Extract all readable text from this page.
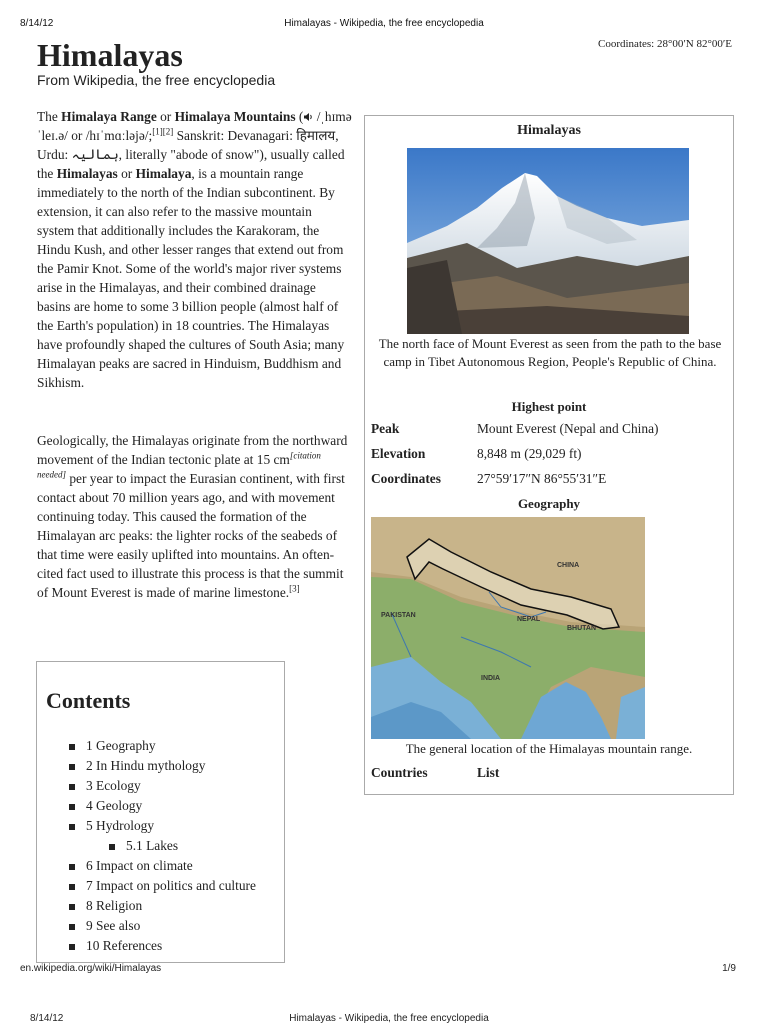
8/14/12	Himalayas - Wikipedia, the free encyclopedia
Coordinates: 28°00′N 82°00′E
Himalayas
From Wikipedia, the free encyclopedia

The Himalaya Range or Himalaya Mountains ( /ˌhɪməˈleɪ.ə/ or /hɪˈmɑːləjə/;[1][2] Sanskrit: Devanagari: हिमालय, Urdu: ہمالیہ, literally "abode of snow"), usually called the Himalayas or Himalaya, is a mountain range immediately to the north of the Indian subcontinent. By extension, it can also refer to the massive mountain system that additionally includes the Karakoram, the Hindu Kush, and other lesser ranges that extend out from the Pamir Knot. Some of the world's major river systems arise in the Himalayas, and their combined drainage basins are home to some 3 billion people (almost half of the Earth's population) in 18 countries. The Himalayas have profoundly shaped the cultures of South Asia; many Himalayan peaks are sacred in Hinduism, Buddhism and Sikhism.

Geologically, the Himalayas originate from the northward movement of the Indian tectonic plate at 15 cm[citation needed] per year to impact the Eurasian continent, with first contact about 70 million years ago, and with movement continuing today. This caused the formation of the Himalayan arc peaks: the lighter rocks of the seabeds of that time were easily uplifted into mountains. An often-cited fact used to illustrate this process is that the summit of Mount Everest is made of marine limestone.[3]

Himalayas
The north face of Mount Everest as seen from the path to the base camp in Tibet Autonomous Region, People's Republic of China.
Highest point
Peak	Mount Everest (Nepal and China)
Elevation	8,848 m (29,029 ft)
Coordinates	27°59′17″N 86°55′31″E
Geography
CHINA
PAKISTAN
NEPAL
BHUTAN
INDIA
The general location of the Himalayas mountain range.
Countries	List
Contents
1 Geography
2 In Hindu mythology
3 Ecology
4 Geology
5 Hydrology
5.1 Lakes
6 Impact on climate
7 Impact on politics and culture
8 Religion
9 See also
10 References
en.wikipedia.org/wiki/Himalayas	1/9
8/14/12	Himalayas - Wikipedia, the free encyclopedia
